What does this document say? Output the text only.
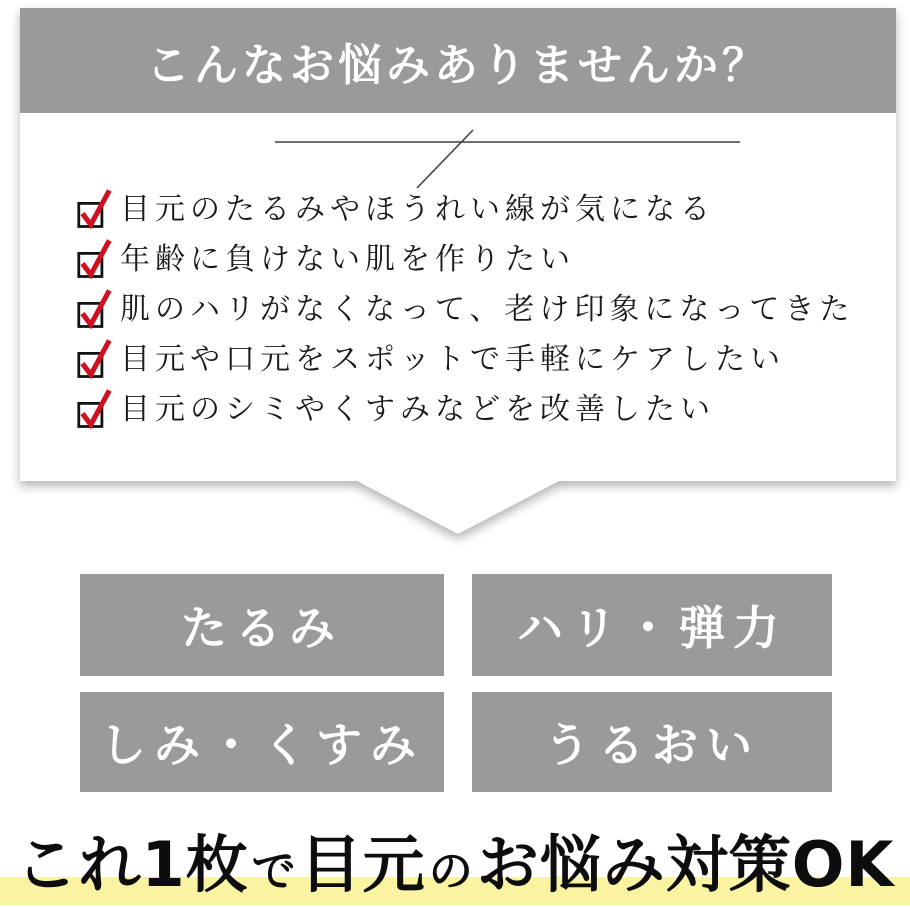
こんなお悩みありませんか？
目元のたるみやほうれい線が気になる
年齢に負けない肌を作りたい
肌のハリがなくなって、老け印象になってきた
目元や口元をスポットで手軽にケアしたい
目元のシミやくすみなどを改善したい
たるみ	ハリ・弾力
しみ・くすみ	うるおい
これ1枚 で 目元 の お悩み対策OK
